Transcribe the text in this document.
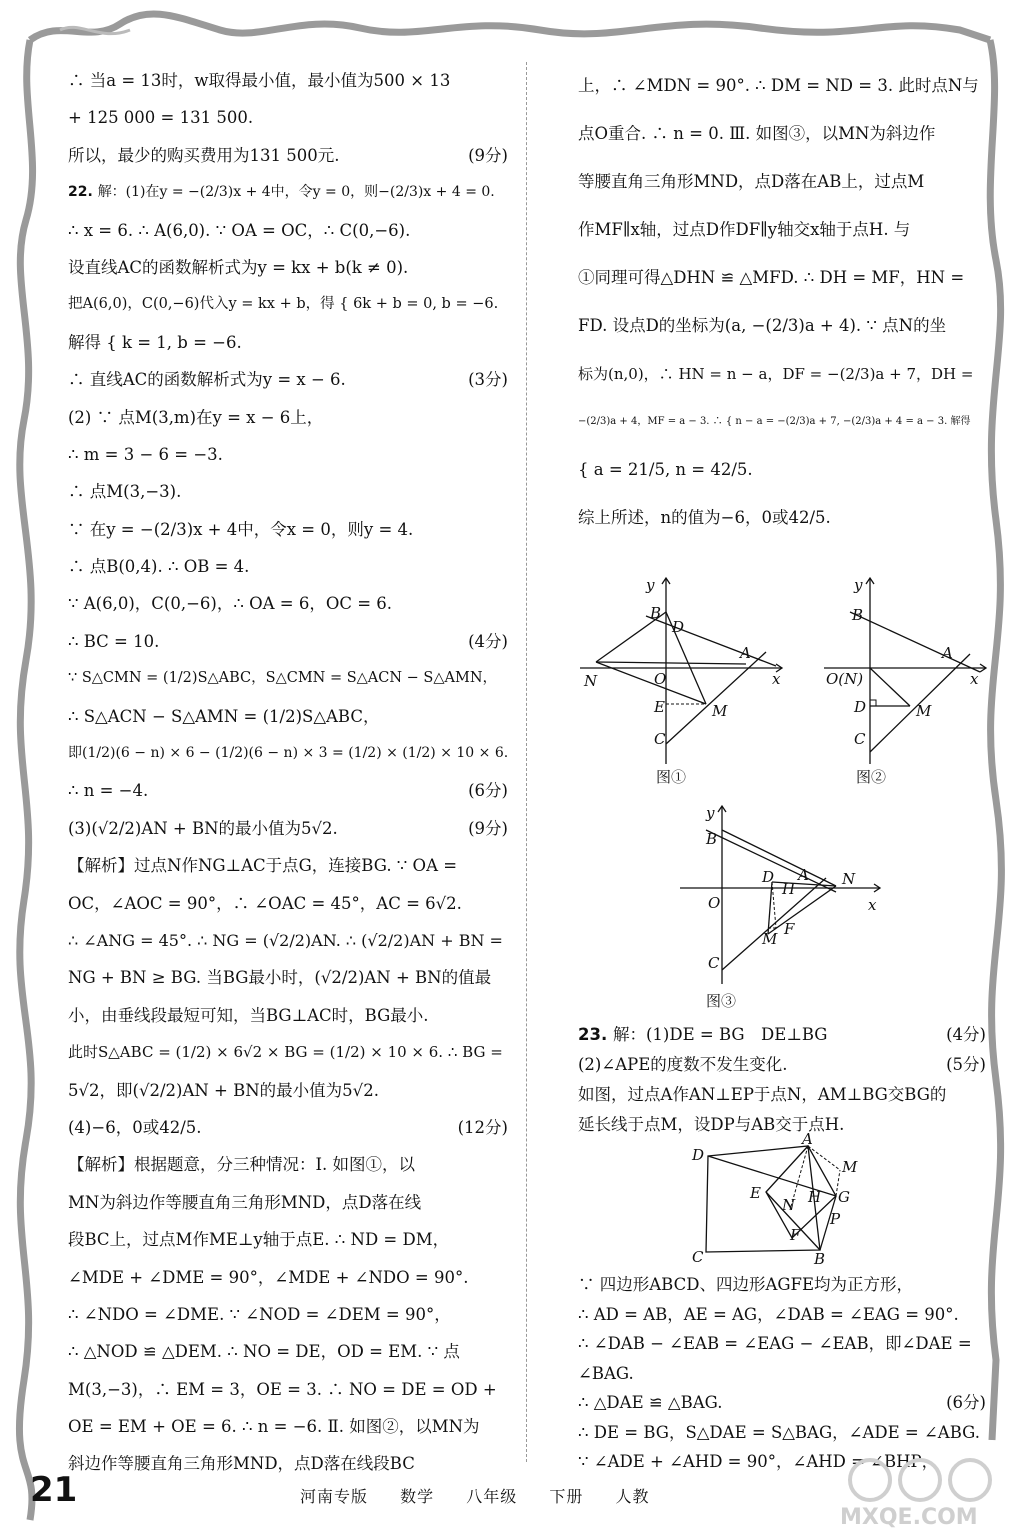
∴ 当a = 13时，w取得最小值，最小值为500 × 13
+ 125 000 = 131 500.
所以，最少的购买费用为131 500元.	(9分)
22. 解：(1)在y = −(2/3)x + 4中，令y = 0，则−(2/3)x + 4 = 0.
∴ x = 6. ∴ A(6,0). ∵ OA = OC，∴ C(0,−6).
设直线AC的函数解析式为y = kx + b(k ≠ 0).
把A(6,0)，C(0,−6)代入y = kx + b，得 { 6k + b = 0, b = −6.
解得 { k = 1, b = −6.
∴ 直线AC的函数解析式为y = x − 6.	(3分)
(2) ∵ 点M(3,m)在y = x − 6上，
∴ m = 3 − 6 = −3.
∴ 点M(3,−3).
∵ 在y = −(2/3)x + 4中，令x = 0，则y = 4.
∴ 点B(0,4). ∴ OB = 4.
∵ A(6,0)，C(0,−6)，∴ OA = 6，OC = 6.
∴ BC = 10.	(4分)
∵ S△CMN = (1/2)S△ABC，S△CMN = S△ACN − S△AMN，
∴ S△ACN − S△AMN = (1/2)S△ABC，
即(1/2)(6 − n) × 6 − (1/2)(6 − n) × 3 = (1/2) × (1/2) × 10 × 6.
∴ n = −4.	(6分)
(3)(√2/2)AN + BN的最小值为5√2.	(9分)
【解析】过点N作NG⊥AC于点G，连接BG. ∵ OA =
OC，∠AOC = 90°，∴ ∠OAC = 45°，AC = 6√2.
∴ ∠ANG = 45°. ∴ NG = (√2/2)AN. ∴ (√2/2)AN + BN =
NG + BN ≥ BG. 当BG最小时，(√2/2)AN + BN的值最
小，由垂线段最短可知，当BG⊥AC时，BG最小.
此时S△ABC = (1/2) × 6√2 × BG = (1/2) × 10 × 6. ∴ BG =
5√2，即(√2/2)AN + BN的最小值为5√2.
(4)−6，0或42/5.	(12分)
【解析】根据题意，分三种情况：Ⅰ. 如图①，以
MN为斜边作等腰直角三角形MND，点D落在线
段BC上，过点M作ME⊥y轴于点E. ∴ ND = DM，
∠MDE + ∠DME = 90°，∠MDE + ∠NDO = 90°.
∴ ∠NDO = ∠DME. ∵ ∠NOD = ∠DEM = 90°，
∴ △NOD ≌ △DEM. ∴ NO = DE，OD = EM. ∵ 点
M(3,−3)，∴ EM = 3，OE = 3. ∴ NO = DE = OD +
OE = EM + OE = 6. ∴ n = −6. Ⅱ. 如图②，以MN为
斜边作等腰直角三角形MND，点D落在线段BC
上，∴ ∠MDN = 90°. ∴ DM = ND = 3. 此时点N与
点O重合. ∴ n = 0. Ⅲ. 如图③，以MN为斜边作
等腰直角三角形MND，点D落在AB上，过点M
作MF∥x轴，过点D作DF∥y轴交x轴于点H. 与
①同理可得△DHN ≌ △MFD. ∴ DH = MF，HN =
FD. 设点D的坐标为(a, −(2/3)a + 4). ∵ 点N的坐
标为(n,0)，∴ HN = n − a，DF = −(2/3)a + 7，DH =
−(2/3)a + 4，MF = a − 3. ∴ { n − a = −(2/3)a + 7, −(2/3)a + 4 = a − 3. 解得
{ a = 21/5, n = 42/5.
综上所述，n的值为−6，0或42/5.
y
x
B
D
A
N	O
E	M
C
图①
y
x
B
A
O(N)
D	M
C
图②
y
x
B
D
H
A N
O
M
F
C
图③
23. 解：(1)DE = BG　DE⊥BG	(4分)
(2)∠APE的度数不发生变化.	(5分)
如图，过点A作AN⊥EP于点N，AM⊥BG交BG的
延长线于点M，设DP与AB交于点H.
D
A
M
E	H G
N
P
F
C	B
∵ 四边形ABCD、四边形AGFE均为正方形，
∴ AD = AB，AE = AG，∠DAB = ∠EAG = 90°.
∴ ∠DAB − ∠EAB = ∠EAG − ∠EAB，即∠DAE =
∠BAG.
∴ △DAE ≌ △BAG.	(6分)
∴ DE = BG，S△DAE = S△BAG，∠ADE = ∠ABG.
∵ ∠ADE + ∠AHD = 90°，∠AHD = ∠BHP，
21	河南专版 数学 八年级 下册 人教
MXQE.COM
